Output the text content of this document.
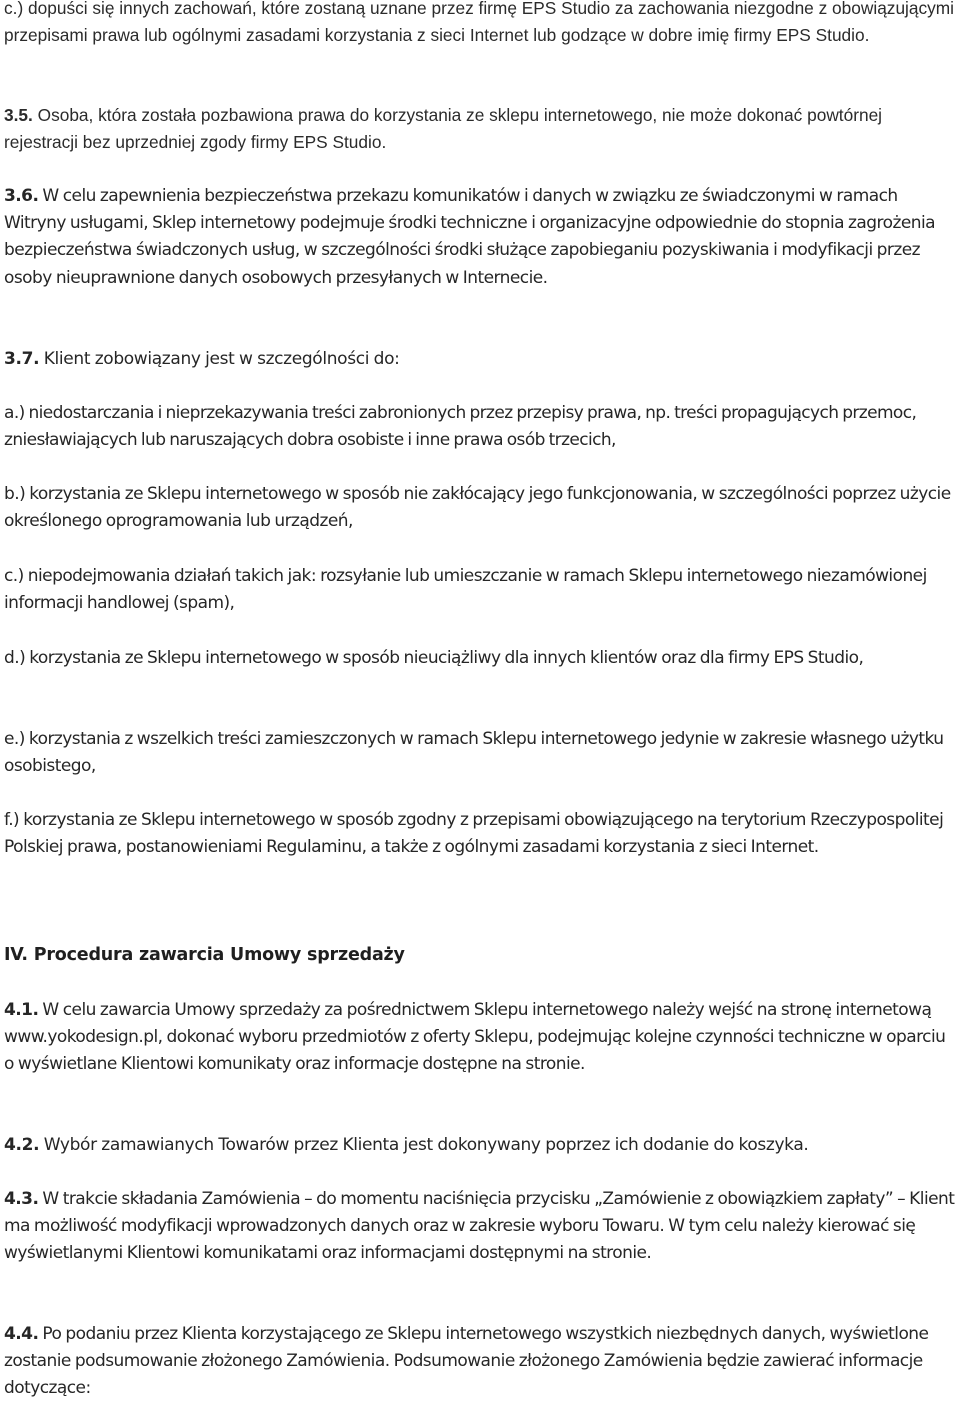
c.) dopuści się innych zachowań, które zostaną uznane przez firmę EPS Studio za zachowania niezgodne z obowiązującymi przepisami prawa lub ogólnymi zasadami korzystania z sieci Internet lub godzące w dobre imię firmy EPS Studio.

3.5. Osoba, która została pozbawiona prawa do korzystania ze sklepu internetowego, nie może dokonać powtórnej rejestracji bez uprzedniej zgody firmy EPS Studio.

3.6. W celu zapewnienia bezpieczeństwa przekazu komunikatów i danych w związku ze świadczonymi w ramach Witryny usługami, Sklep internetowy podejmuje środki techniczne i organizacyjne odpowiednie do stopnia zagrożenia bezpieczeństwa świadczonych usług, w szczególności środki służące zapobieganiu pozyskiwania i modyfikacji przez osoby nieuprawnione danych osobowych przesyłanych w Internecie.

3.7. Klient zobowiązany jest w szczególności do:

a.) niedostarczania i nieprzekazywania treści zabronionych przez przepisy prawa, np. treści propagujących przemoc, zniesławiających lub naruszających dobra osobiste i inne prawa osób trzecich,

b.) korzystania ze Sklepu internetowego w sposób nie zakłócający jego funkcjonowania, w szczególności poprzez użycie określonego oprogramowania lub urządzeń,

c.) niepodejmowania działań takich jak: rozsyłanie lub umieszczanie w ramach Sklepu internetowego niezamówionej informacji handlowej (spam),

d.) korzystania ze Sklepu internetowego w sposób nieuciążliwy dla innych klientów oraz dla firmy EPS Studio,

e.) korzystania z wszelkich treści zamieszczonych w ramach Sklepu internetowego jedynie w zakresie własnego użytku osobistego,

f.) korzystania ze Sklepu internetowego w sposób zgodny z przepisami obowiązującego na terytorium Rzeczypospolitej Polskiej prawa, postanowieniami Regulaminu, a także z ogólnymi zasadami korzystania z sieci Internet.

IV. Procedura zawarcia Umowy sprzedaży

4.1. W celu zawarcia Umowy sprzedaży za pośrednictwem Sklepu internetowego należy wejść na stronę internetową www.yokodesign.pl, dokonać wyboru przedmiotów z oferty Sklepu, podejmując kolejne czynności techniczne w oparciu o wyświetlane Klientowi komunikaty oraz informacje dostępne na stronie.

4.2. Wybór zamawianych Towarów przez Klienta jest dokonywany poprzez ich dodanie do koszyka.

4.3. W trakcie składania Zamówienia – do momentu naciśnięcia przycisku „Zamówienie z obowiązkiem zapłaty” – Klient ma możliwość modyfikacji wprowadzonych danych oraz w zakresie wyboru Towaru. W tym celu należy kierować się wyświetlanymi Klientowi komunikatami oraz informacjami dostępnymi na stronie.

4.4. Po podaniu przez Klienta korzystającego ze Sklepu internetowego wszystkich niezbędnych danych, wyświetlone zostanie podsumowanie złożonego Zamówienia. Podsumowanie złożonego Zamówienia będzie zawierać informacje dotyczące:
